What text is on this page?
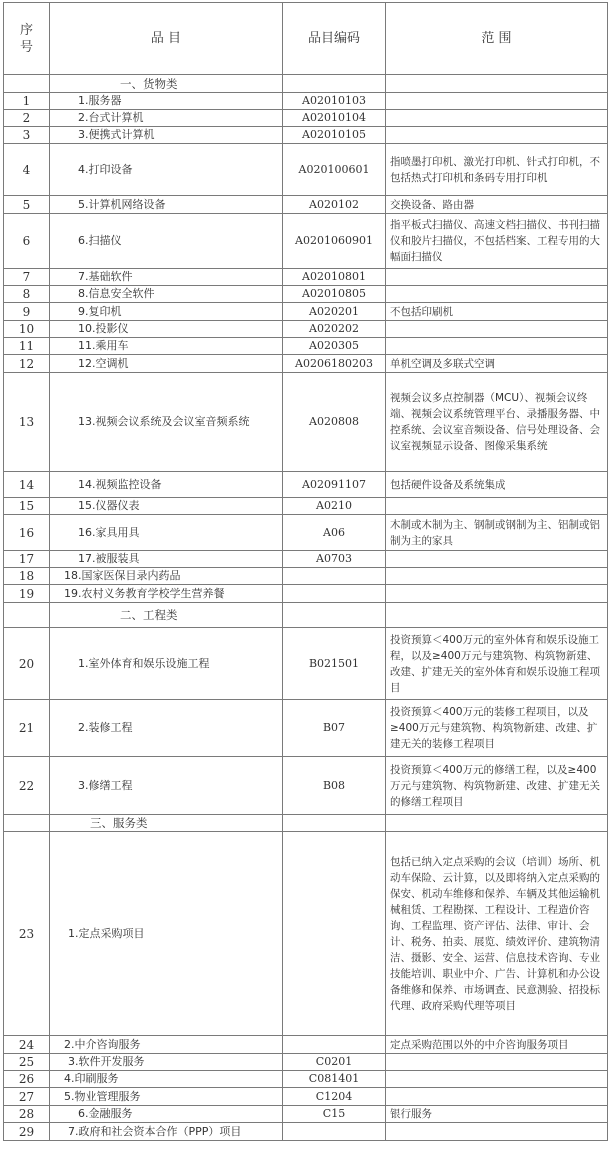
序号	品 目	品目编码	范 围
	一、货物类		
1	1.服务器	A02010103	
2	2.台式计算机	A02010104	
3	3.便携式计算机	A02010105	
4	4.打印设备	A020100601	指喷墨打印机、激光打印机、针式打印机，不包括热式打印机和条码专用打印机
5	5.计算机网络设备	A020102	交换设备、路由器
6	6.扫描仪	A0201060901	指平板式扫描仪、高速文档扫描仪、书刊扫描仪和胶片扫描仪，不包括档案、工程专用的大幅面扫描仪
7	7.基础软件	A02010801	
8	8.信息安全软件	A02010805	
9	9.复印机	A020201	不包括印刷机
10	10.投影仪	A020202	
11	11.乘用车	A020305	
12	12.空调机	A0206180203	单机空调及多联式空调
13	13.视频会议系统及会议室音频系统	A020808	视频会议多点控制器（MCU）、视频会议终端、视频会议系统管理平台、录播服务器、中控系统、会议室音频设备、信号处理设备、会议室视频显示设备、图像采集系统
14	14.视频监控设备	A02091107	包括硬件设备及系统集成
15	15.仪器仪表	A0210	
16	16.家具用具	A06	木制或木制为主、钢制或钢制为主、铝制或铝制为主的家具
17	17.被服装具	A0703	
18	18.国家医保目录内药品		
19	19.农村义务教育学校学生营养餐		
	二、工程类		
20	1.室外体育和娱乐设施工程	B021501	投资预算＜400万元的室外体育和娱乐设施工程，以及≥400万元与建筑物、构筑物新建、改建、扩建无关的室外体育和娱乐设施工程项目
21	2.装修工程	B07	投资预算＜400万元的装修工程项目，以及≥400万元与建筑物、构筑物新建、改建、扩建无关的装修工程项目
22	3.修缮工程	B08	投资预算＜400万元的修缮工程，以及≥400万元与建筑物、构筑物新建、改建、扩建无关的修缮工程项目
	三、服务类		
23	1.定点采购项目		包括已纳入定点采购的会议（培训）场所、机动车保险、云计算，以及即将纳入定点采购的保安、机动车维修和保养、车辆及其他运输机械租赁、工程勘探、工程设计、工程造价咨询、工程监理、资产评估、法律、审计、会计、税务、拍卖、展览、绩效评价、建筑物清洁、摄影、安全、运营、信息技术咨询、专业技能培训、职业中介、广告、计算机和办公设备维修和保养、市场调查、民意测验、招投标代理、政府采购代理等项目
24	2.中介咨询服务		定点采购范围以外的中介咨询服务项目
25	3.软件开发服务	C0201	
26	4.印刷服务	C081401	
27	5.物业管理服务	C1204	
28	6.金融服务	C15	银行服务
29	7.政府和社会资本合作（PPP）项目		
